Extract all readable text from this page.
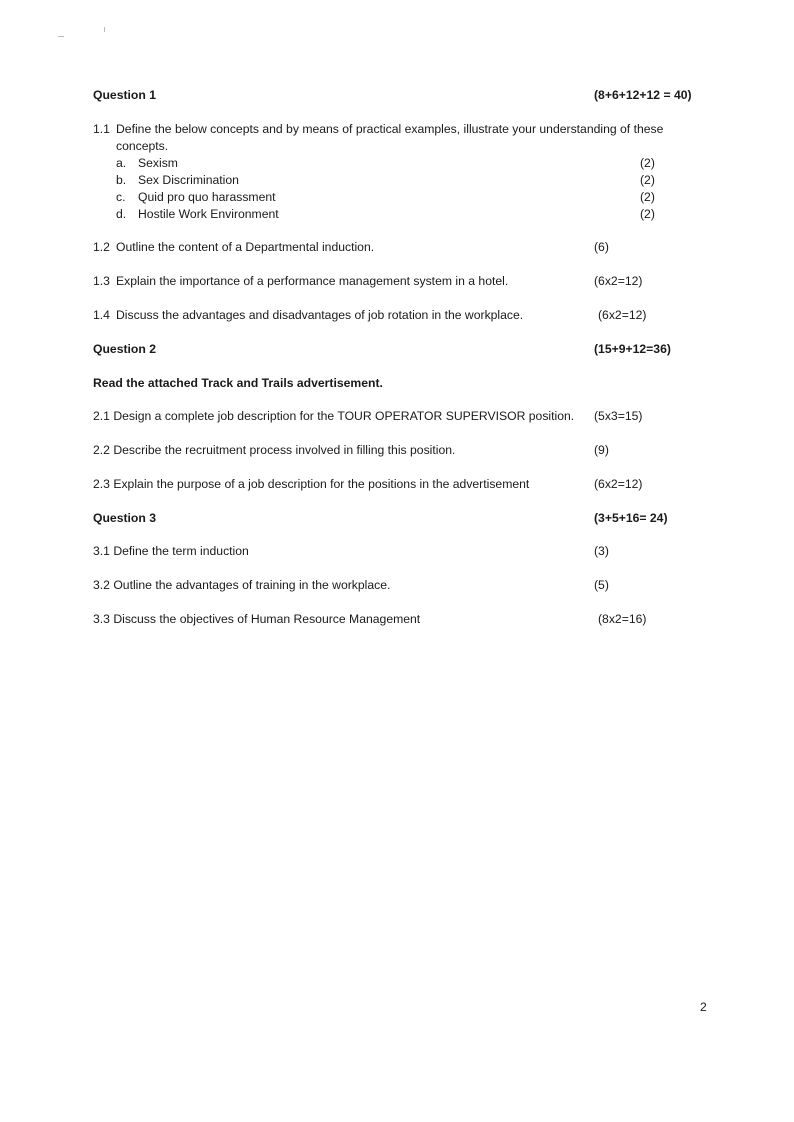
Question 1	(8+6+12+12 = 40)
1.1 Define the below concepts and by means of practical examples, illustrate your understanding of these
concepts.
a. Sexism	(2)
b. Sex Discrimination	(2)
c. Quid pro quo harassment	(2)
d. Hostile Work Environment	(2)
1.2 Outline the content of a Departmental induction.	(6)
1.3 Explain the importance of a performance management system in a hotel.	(6x2=12)
1.4 Discuss the advantages and disadvantages of job rotation in the workplace.	(6x2=12)
Question 2	(15+9+12=36)
Read the attached Track and Trails advertisement.
2.1 Design a complete job description for the TOUR OPERATOR SUPERVISOR position. (5x3=15)
2.2 Describe the recruitment process involved in filling this position.	(9)
2.3 Explain the purpose of a job description for the positions in the advertisement	(6x2=12)
Question 3	(3+5+16= 24)
3.1 Define the term induction	(3)
3.2 Outline the advantages of training in the workplace.	(5)
3.3 Discuss the objectives of Human Resource Management	(8x2=16)
2
